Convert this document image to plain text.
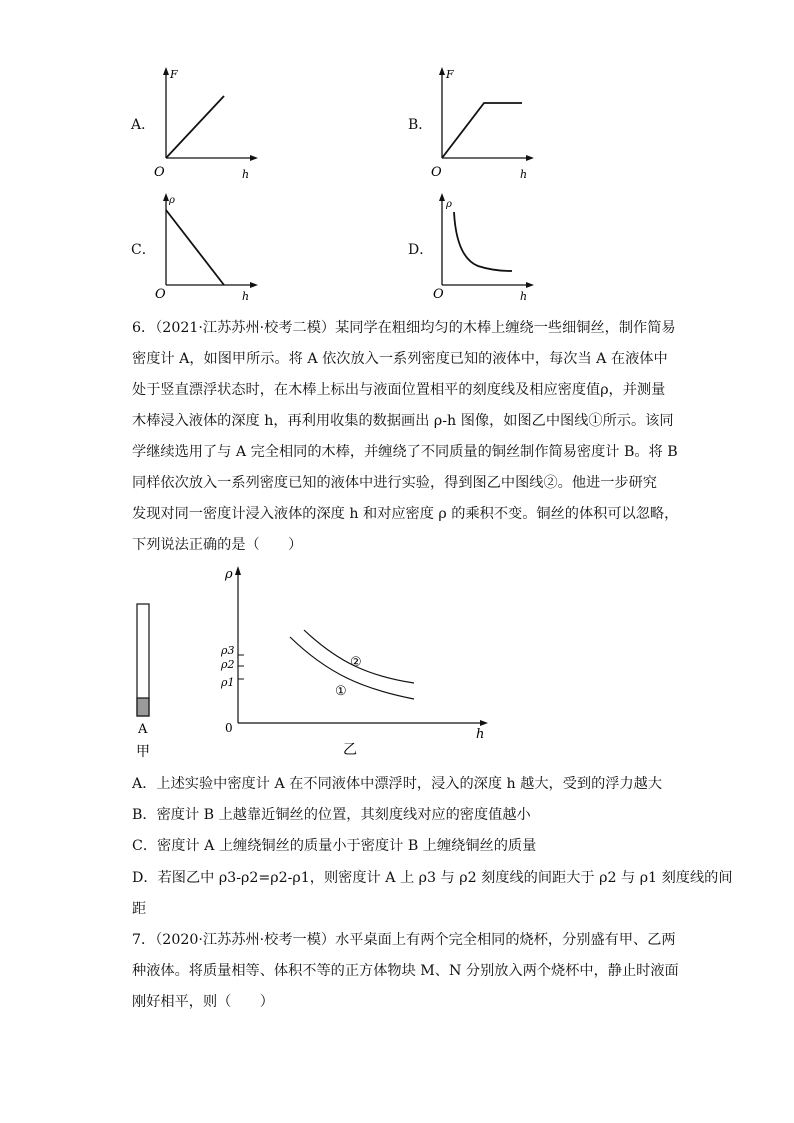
A．
F
O	h
B．
F
O	h
C．
ρ
O	h
D．
ρ
O	h
6．（2021·江苏苏州·校考二模）某同学在粗细均匀的木棒上缠绕一些细铜丝，制作简易
密度计 A，如图甲所示。将 A 依次放入一系列密度已知的液体中，每次当 A 在液体中
处于竖直漂浮状态时，在木棒上标出与液面位置相平的刻度线及相应密度值ρ，并测量
木棒浸入液体的深度 h，再利用收集的数据画出 ρ-h 图像，如图乙中图线①所示。该同
学继续选用了与 A 完全相同的木棒，并缠绕了不同质量的铜丝制作简易密度计 B。将 B
同样依次放入一系列密度已知的液体中进行实验，得到图乙中图线②。他进一步研究
发现对同一密度计浸入液体的深度 h 和对应密度 ρ 的乘积不变。铜丝的体积可以忽略，
下列说法正确的是（　　）
A
甲
ρ
h
0
ρ3
ρ2
ρ1
②
①
乙
A．上述实验中密度计 A 在不同液体中漂浮时，浸入的深度 h 越大，受到的浮力越大
B．密度计 B 上越靠近铜丝的位置，其刻度线对应的密度值越小
C．密度计 A 上缠绕铜丝的质量小于密度计 B 上缠绕铜丝的质量
D．若图乙中 ρ3-ρ2=ρ2-ρ1，则密度计 A 上 ρ3 与 ρ2 刻度线的间距大于 ρ2 与 ρ1 刻度线的间
距
7．（2020·江苏苏州·校考一模）水平桌面上有两个完全相同的烧杯，分别盛有甲、乙两
种液体。将质量相等、体积不等的正方体物块 M、N 分别放入两个烧杯中，静止时液面
刚好相平，则（　　）
